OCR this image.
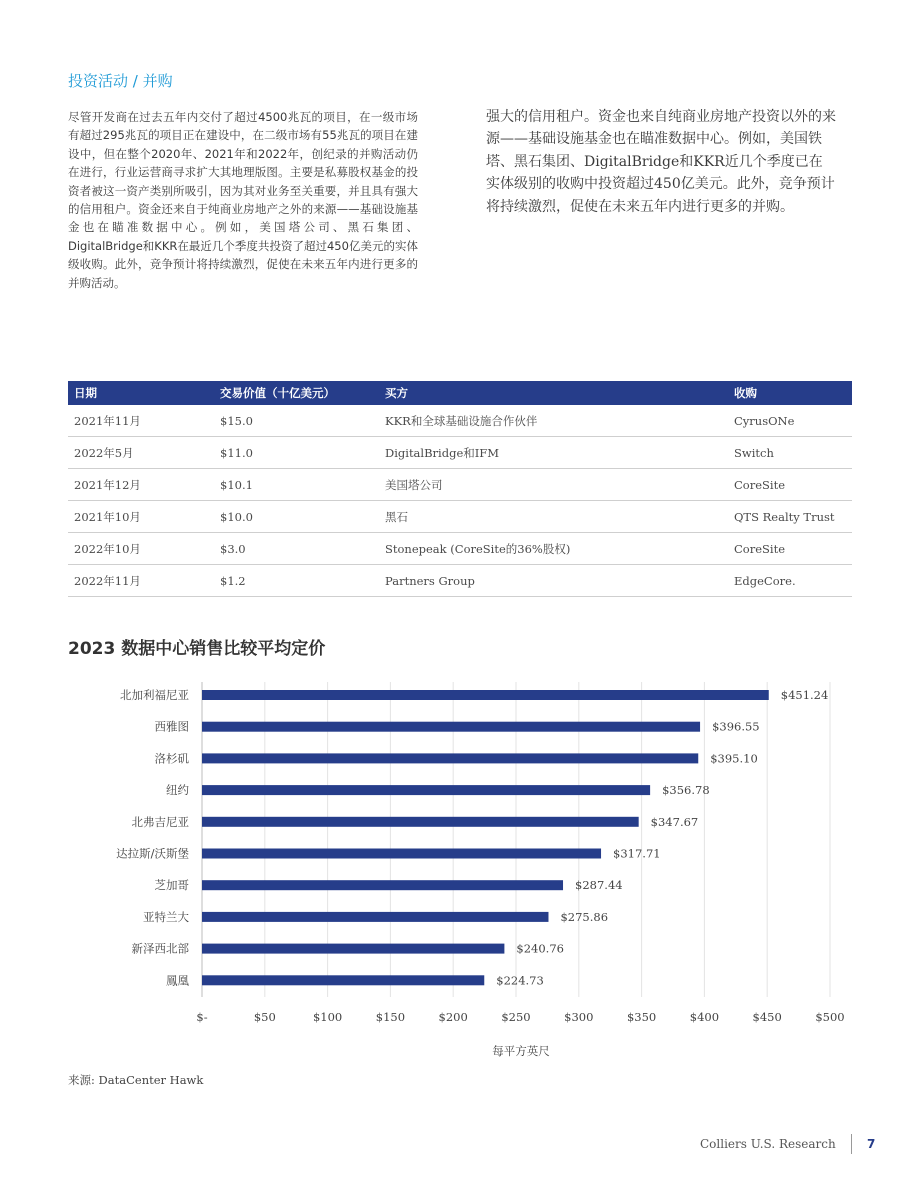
投资活动 / 并购
尽管开发商在过去五年内交付了超过4500兆瓦的项目，在一级市场有超过295兆瓦的项目正在建设中，在二级市场有55兆瓦的项目在建设中，但在整个2020年、2021年和2022年，创纪录的并购活动仍在进行，行业运营商寻求扩大其地理版图。主要是私募股权基金的投资者被这一资产类别所吸引，因为其对业务至关重要，并且具有强大的信用租户。资金还来自于纯商业房地产之外的来源——基础设施基金也在瞄准数据中心。例如，美国塔公司、黑石集团、DigitalBridge和KKR在最近几个季度共投资了超过450亿美元的实体级收购。此外，竞争预计将持续激烈，促使在未来五年内进行更多的并购活动。
强大的信用租户。资金也来自纯商业房地产投资以外的来源——基础设施基金也在瞄准数据中心。例如，美国铁塔、黑石集团、DigitalBridge和KKR近几个季度已在实体级别的收购中投资超过450亿美元。此外，竞争预计将持续激烈，促使在未来五年内进行更多的并购。
日期	交易价值（十亿美元）	买方	收购
2021年11月	$15.0	KKR和全球基础设施合作伙伴	CyrusONe
2022年5月	$11.0	DigitalBridge和IFM	Switch
2021年12月	$10.1	美国塔公司	CoreSite
2021年10月	$10.0	黑石	QTS Realty Trust
2022年10月	$3.0	Stonepeak (CoreSite的36%股权)	CoreSite
2022年11月	$1.2	Partners Group	EdgeCore.
2023 数据中心销售比较平均定价
$-	$50	$100	$150	$200	$250	$300	$350	$400	$450	$500
北加利福尼亚	$451.24
西雅图	$396.55
洛杉矶	$395.10
纽约	$356.78
北弗吉尼亚	$347.67
达拉斯/沃斯堡	$317.71
芝加哥	$287.44
亚特兰大	$275.86
新泽西北部	$240.76
鳳凰	$224.73
每平方英尺
来源: DataCenter Hawk
Colliers U.S. Research	7
